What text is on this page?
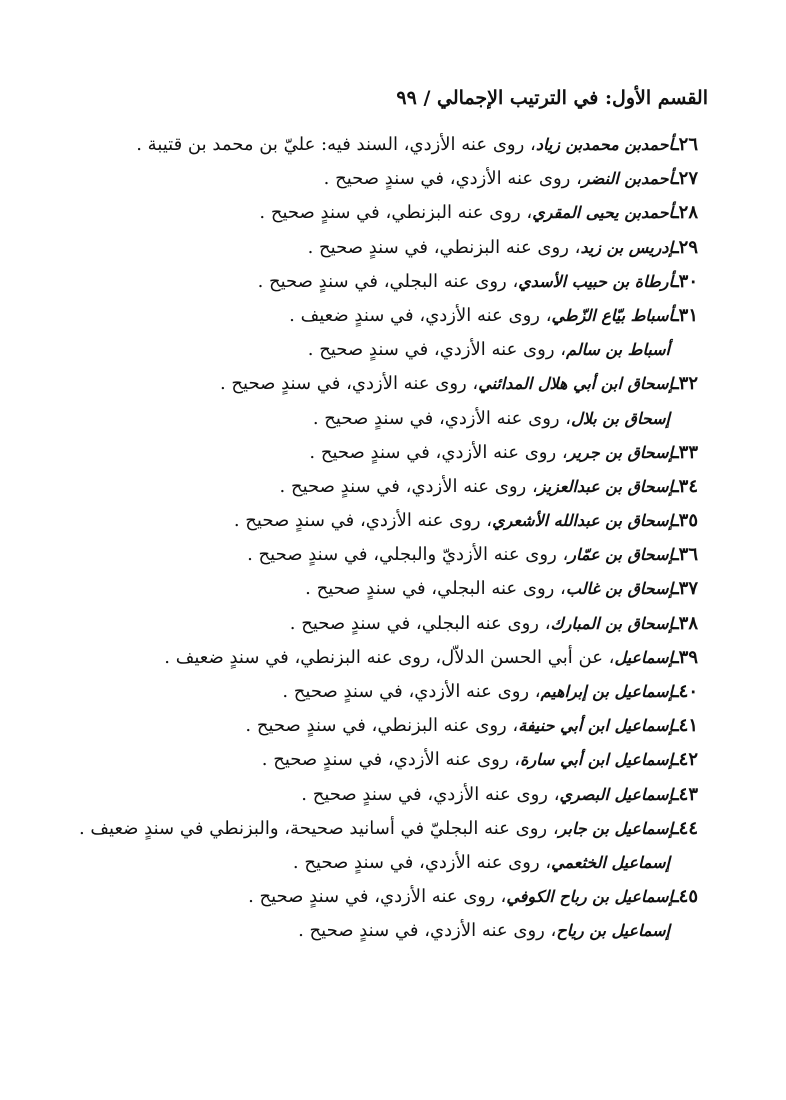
القسم الأول: في الترتيب الإجمالي / ٩٩
٢٦ـأحمدبن محمدبن زياد، روى عنه الأزدي، السند فيه: عليّ بن محمد بن قتيبة .
٢٧ـأحمدبن النضر، روى عنه الأزدي، في سندٍ صحيح .
٢٨ـأحمدبن يحيى المقري، روى عنه البزنطي، في سندٍ صحيح .
٢٩ـإدريس بن زيد، روى عنه البزنطي، في سندٍ صحيح .
٣٠ـأرطاة بن حبيب الأسدي، روى عنه البجلي، في سندٍ صحيح .
٣١ـأسباط بيّاع الزّطي، روى عنه الأزدي، في سندٍ ضعيف .
أسباط بن سالم، روى عنه الأزدي، في سندٍ صحيح .
٣٢ـإسحاق ابن أبي هلال المدائني، روى عنه الأزدي، في سندٍ صحيح .
إسحاق بن بلال، روى عنه الأزدي، في سندٍ صحيح .
٣٣ـإسحاق بن جرير، روى عنه الأزدي، في سندٍ صحيح .
٣٤ـإسحاق بن عبدالعزيز، روى عنه الأزدي، في سندٍ صحيح .
٣٥ـإسحاق بن عبدالله الأشعري، روى عنه الأزدي، في سندٍ صحيح .
٣٦ـإسحاق بن عمّار، روى عنه الأزديّ والبجلي، في سندٍ صحيح .
٣٧ـإسحاق بن غالب، روى عنه البجلي، في سندٍ صحيح .
٣٨ـإسحاق بن المبارك، روى عنه البجلي، في سندٍ صحيح .
٣٩ـإسماعيل، عن أبي الحسن الدلاّل، روى عنه البزنطي، في سندٍ ضعيف .
٤٠ـإسماعيل بن إبراهيم، روى عنه الأزدي، في سندٍ صحيح .
٤١ـإسماعيل ابن أبي حنيفة، روى عنه البزنطي، في سندٍ صحيح .
٤٢ـإسماعيل ابن أبي سارة، روى عنه الأزدي، في سندٍ صحيح .
٤٣ـإسماعيل البصري، روى عنه الأزدي، في سندٍ صحيح .
٤٤ـإسماعيل بن جابر، روى عنه البجليّ في أسانيد صحيحة، والبزنطي في سندٍ ضعيف .
إسماعيل الخثعمي، روى عنه الأزدي، في سندٍ صحيح .
٤٥ـإسماعيل بن رباح الكوفي، روى عنه الأزدي، في سندٍ صحيح .
إسماعيل بن رياح، روى عنه الأزدي، في سندٍ صحيح .
